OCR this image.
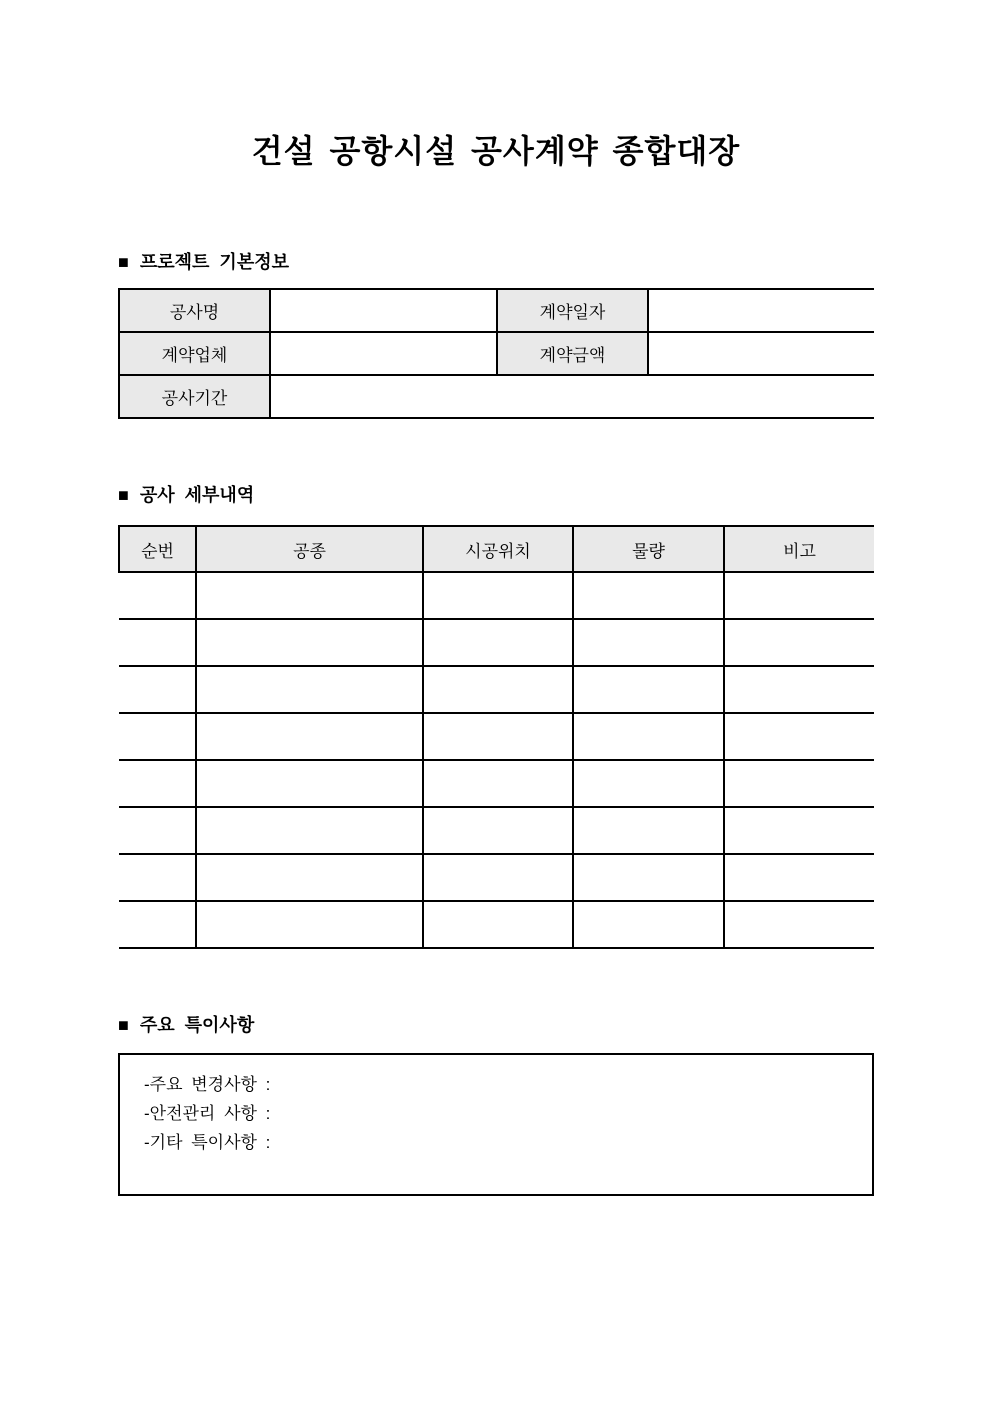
건설 공항시설 공사계약 종합대장
■ 프로젝트 기본정보
공사명		계약일자	
계약업체		계약금액	
공사기간			
■ 공사 세부내역
순번	공종	시공위치	물량	비고

■ 주요 특이사항
-주요 변경사항 :
-안전관리 사항 :
-기타 특이사항 :
